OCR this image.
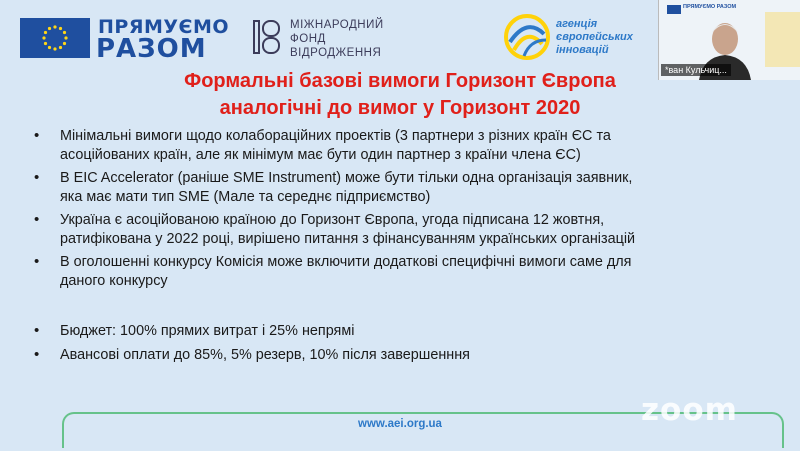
ПРЯМУЄМО
РАЗОМ
МІЖНАРОДНИЙ
ФОНД
ВІДРОДЖЕННЯ
агенція
європейських
інновацій
Формальні базові вимоги Горизонт Європа
аналогічні до вимог у Горизонт 2020
• Мінімальні вимоги щодо колабораційних проектів (3 партнери з різних країн ЄС та
асоційованих країн, але як мінімум має бути один партнер з країни члена ЄС)
• В EIC Accelerator (раніше SME Instrument) може бути тільки одна організація заявник,
яка має мати тип SME (Мале та середнє підприємство)
• Україна є асоційованою країною до Горизонт Європа, угода підписана 12 жовтня,
ратифікована у 2022 році, вирішено питання з фінансуванням українських організацій
• В оголошенні конкурсу Комісія може включити додаткові специфічні вимоги саме для
даного конкурсу
• Бюджет: 100% прямих витрат і 25% непрямі
• Авансові оплати до 85%, 5% резерв, 10% після завершенння
www.aei.org.ua	zoom
ПРЯМУЄМО РАЗОМ
*ван Кульчиц...
